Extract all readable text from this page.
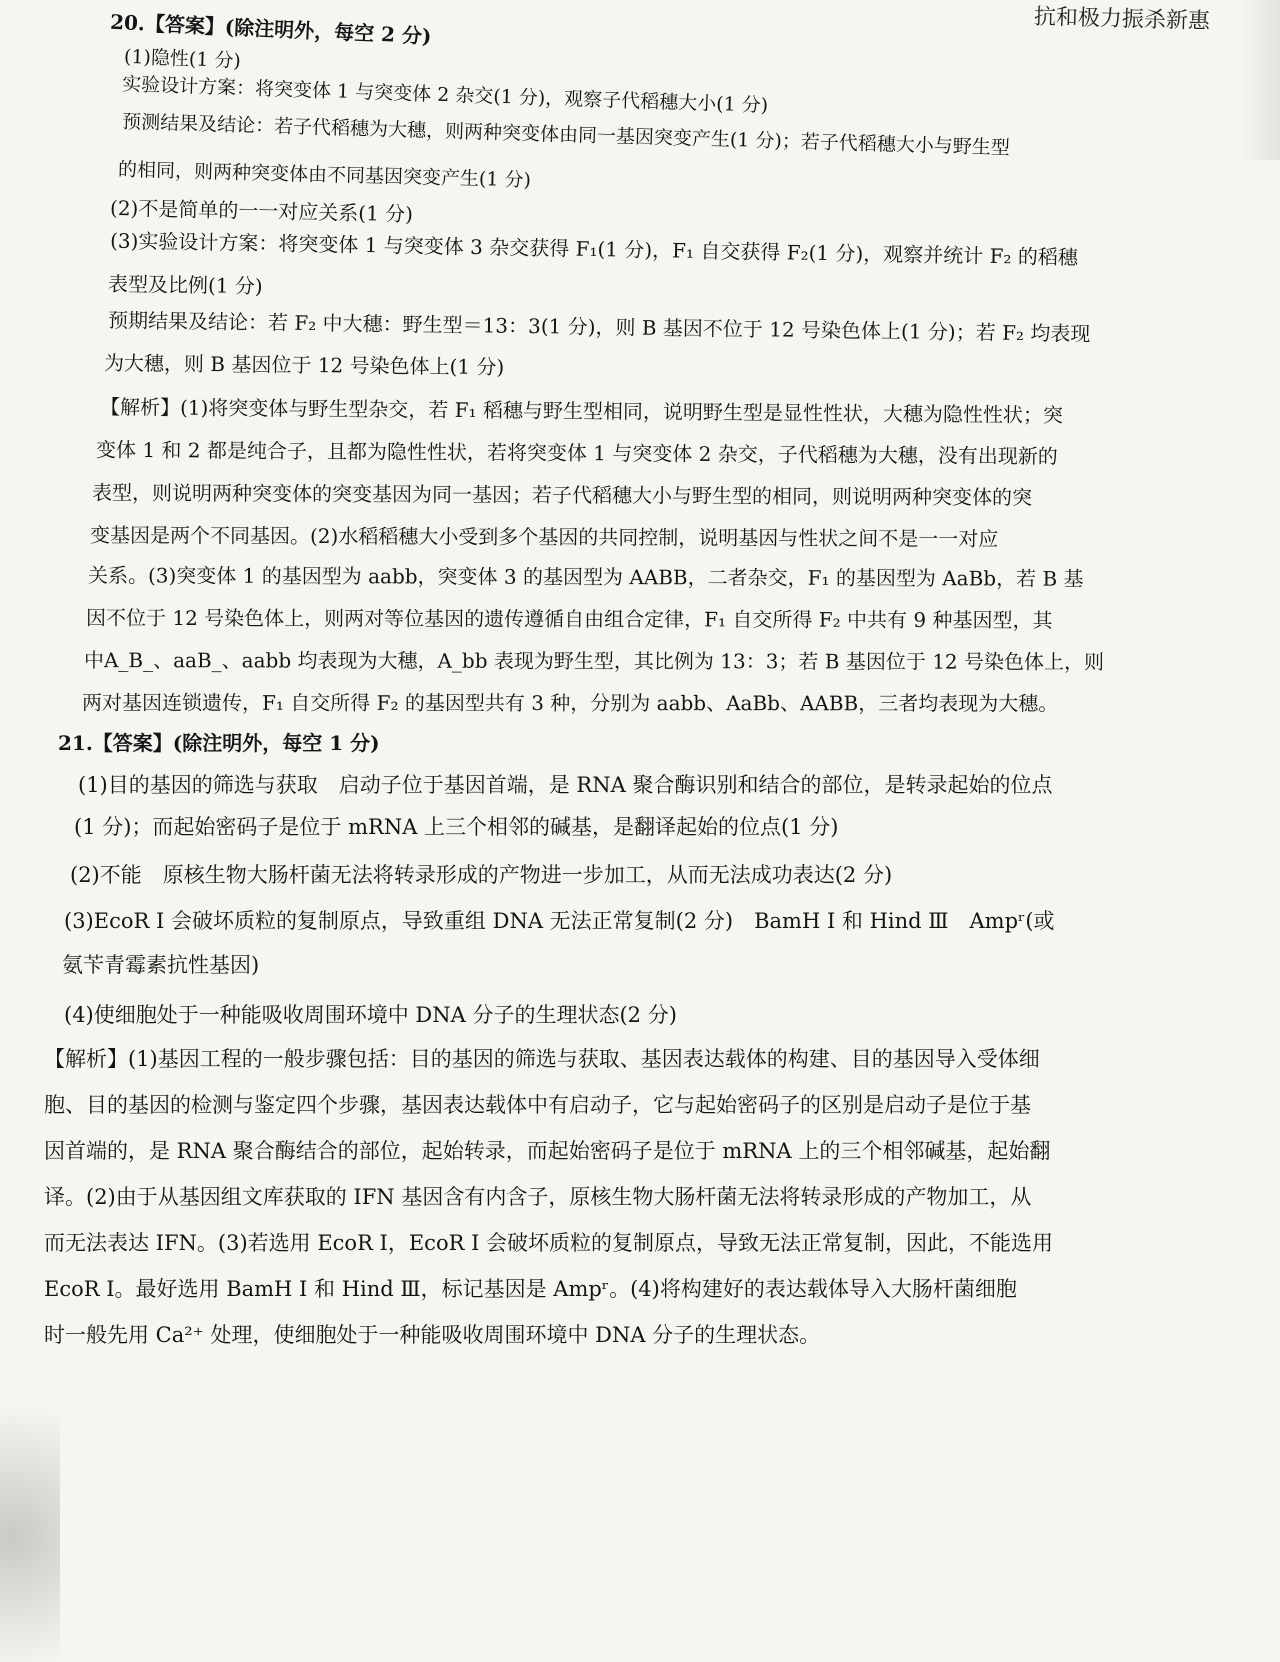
抗和极力振杀新惠
20.【答案】(除注明外，每空 2 分)
(1)隐性(1 分)
实验设计方案：将突变体 1 与突变体 2 杂交(1 分)，观察子代稻穗大小(1 分)
预测结果及结论：若子代稻穗为大穗，则两种突变体由同一基因突变产生(1 分)；若子代稻穗大小与野生型
的相同，则两种突变体由不同基因突变产生(1 分)
(2)不是简单的一一对应关系(1 分)
(3)实验设计方案：将突变体 1 与突变体 3 杂交获得 F₁(1 分)，F₁ 自交获得 F₂(1 分)，观察并统计 F₂ 的稻穗
表型及比例(1 分)
预期结果及结论：若 F₂ 中大穗：野生型＝13：3(1 分)，则 B 基因不位于 12 号染色体上(1 分)；若 F₂ 均表现
为大穗，则 B 基因位于 12 号染色体上(1 分)
【解析】(1)将突变体与野生型杂交，若 F₁ 稻穗与野生型相同，说明野生型是显性性状，大穗为隐性性状；突
变体 1 和 2 都是纯合子，且都为隐性性状，若将突变体 1 与突变体 2 杂交，子代稻穗为大穗，没有出现新的
表型，则说明两种突变体的突变基因为同一基因；若子代稻穗大小与野生型的相同，则说明两种突变体的突
变基因是两个不同基因。(2)水稻稻穗大小受到多个基因的共同控制，说明基因与性状之间不是一一对应
关系。(3)突变体 1 的基因型为 aabb，突变体 3 的基因型为 AABB，二者杂交，F₁ 的基因型为 AaBb，若 B 基
因不位于 12 号染色体上，则两对等位基因的遗传遵循自由组合定律，F₁ 自交所得 F₂ 中共有 9 种基因型，其
中A_B_、aaB_、aabb 均表现为大穗，A_bb 表现为野生型，其比例为 13：3；若 B 基因位于 12 号染色体上，则
两对基因连锁遗传，F₁ 自交所得 F₂ 的基因型共有 3 种，分别为 aabb、AaBb、AABB，三者均表现为大穗。
21.【答案】(除注明外，每空 1 分)
(1)目的基因的筛选与获取　启动子位于基因首端，是 RNA 聚合酶识别和结合的部位，是转录起始的位点
(1 分)；而起始密码子是位于 mRNA 上三个相邻的碱基，是翻译起始的位点(1 分)
(2)不能　原核生物大肠杆菌无法将转录形成的产物进一步加工，从而无法成功表达(2 分)
(3)EcoR Ⅰ 会破坏质粒的复制原点，导致重组 DNA 无法正常复制(2 分)　BamH Ⅰ 和 Hind Ⅲ　Ampʳ(或
氨苄青霉素抗性基因)
(4)使细胞处于一种能吸收周围环境中 DNA 分子的生理状态(2 分)
【解析】(1)基因工程的一般步骤包括：目的基因的筛选与获取、基因表达载体的构建、目的基因导入受体细
胞、目的基因的检测与鉴定四个步骤，基因表达载体中有启动子，它与起始密码子的区别是启动子是位于基
因首端的，是 RNA 聚合酶结合的部位，起始转录，而起始密码子是位于 mRNA 上的三个相邻碱基，起始翻
译。(2)由于从基因组文库获取的 IFN 基因含有内含子，原核生物大肠杆菌无法将转录形成的产物加工，从
而无法表达 IFN。(3)若选用 EcoR Ⅰ，EcoR Ⅰ 会破坏质粒的复制原点，导致无法正常复制，因此，不能选用
EcoR Ⅰ。最好选用 BamH Ⅰ 和 Hind Ⅲ，标记基因是 Ampʳ。(4)将构建好的表达载体导入大肠杆菌细胞
时一般先用 Ca²⁺ 处理，使细胞处于一种能吸收周围环境中 DNA 分子的生理状态。
